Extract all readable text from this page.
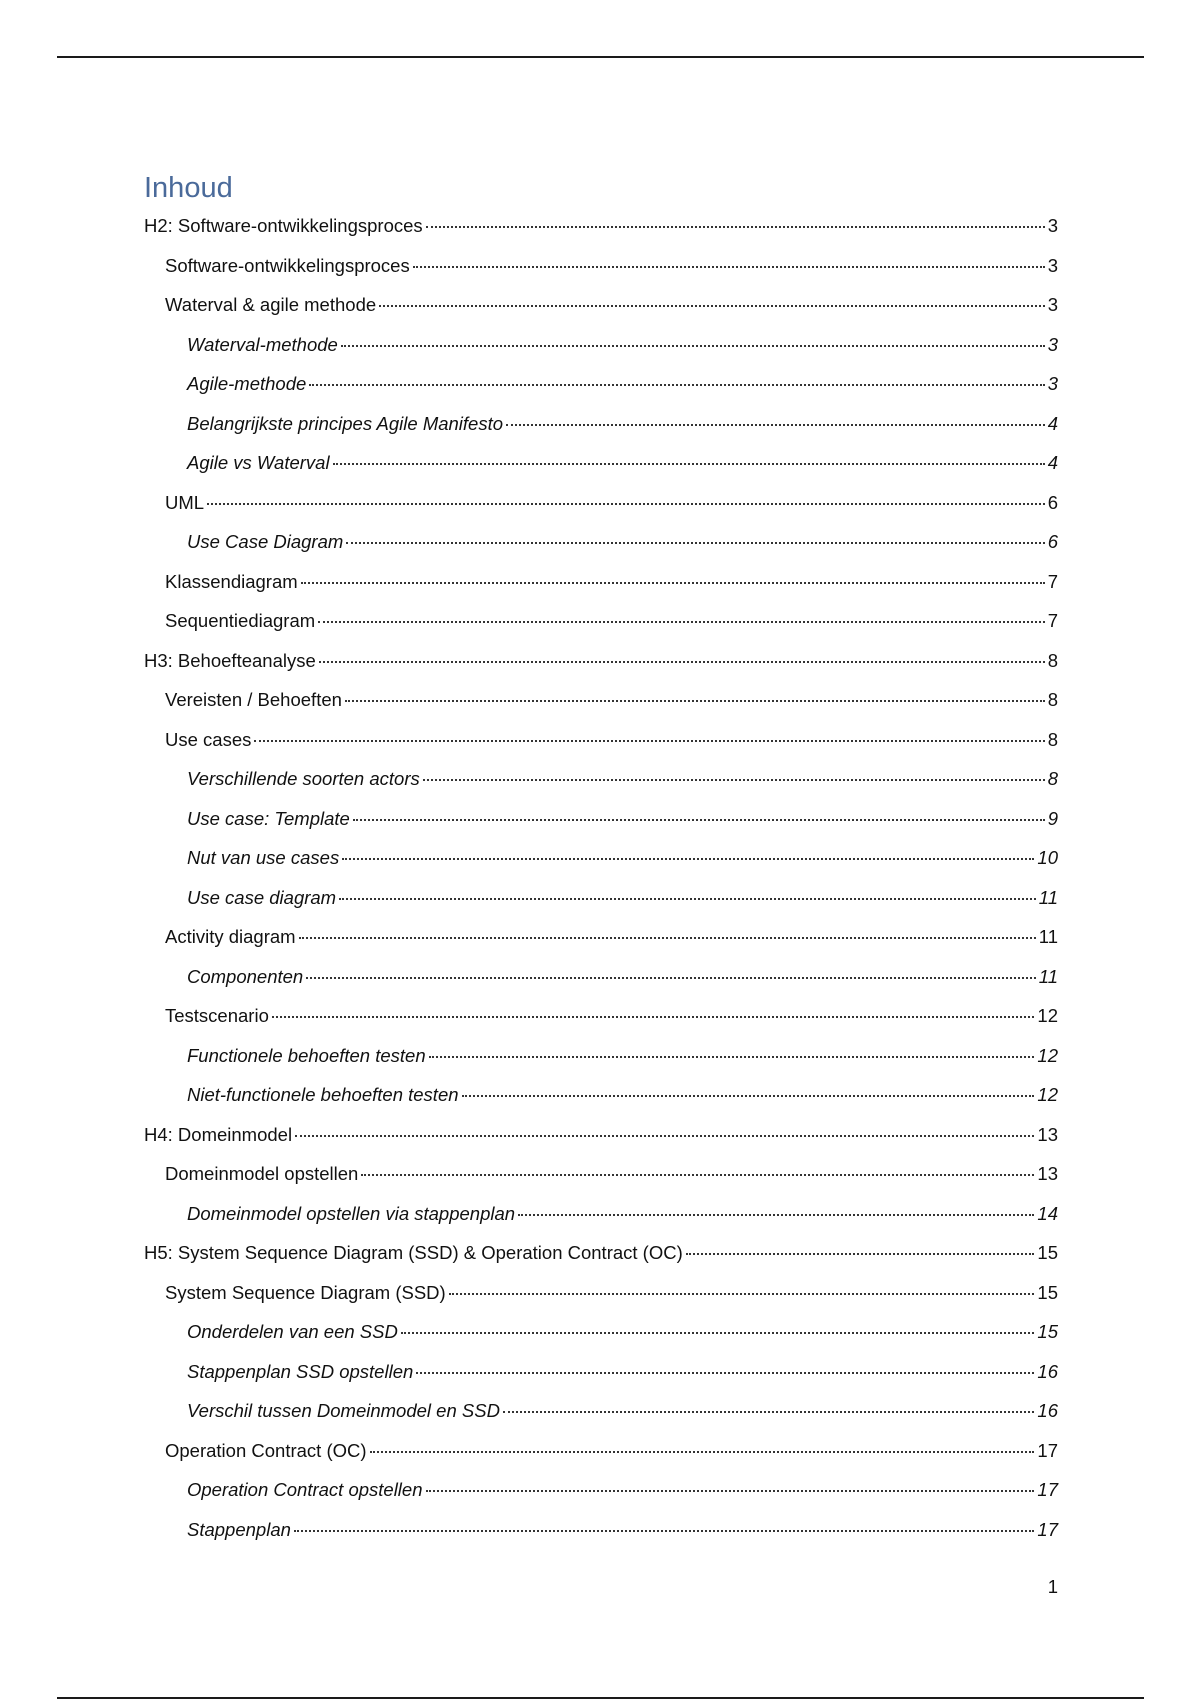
Inhoud
H2: Software-ontwikkelingsproces	3
Software-ontwikkelingsproces	3
Waterval & agile methode	3
Waterval-methode	3
Agile-methode	3
Belangrijkste principes Agile Manifesto	4
Agile vs Waterval	4
UML	6
Use Case Diagram	6
Klassendiagram	7
Sequentiediagram	7
H3: Behoefteanalyse	8
Vereisten / Behoeften	8
Use cases	8
Verschillende soorten actors	8
Use case: Template	9
Nut van use cases	10
Use case diagram	11
Activity diagram	11
Componenten	11
Testscenario	12
Functionele behoeften testen	12
Niet-functionele behoeften testen	12
H4: Domeinmodel	13
Domeinmodel opstellen	13
Domeinmodel opstellen via stappenplan	14
H5: System Sequence Diagram (SSD) & Operation Contract (OC)	15
System Sequence Diagram (SSD)	15
Onderdelen van een SSD	15
Stappenplan SSD opstellen	16
Verschil tussen Domeinmodel en SSD	16
Operation Contract (OC)	17
Operation Contract opstellen	17
Stappenplan	17
1
